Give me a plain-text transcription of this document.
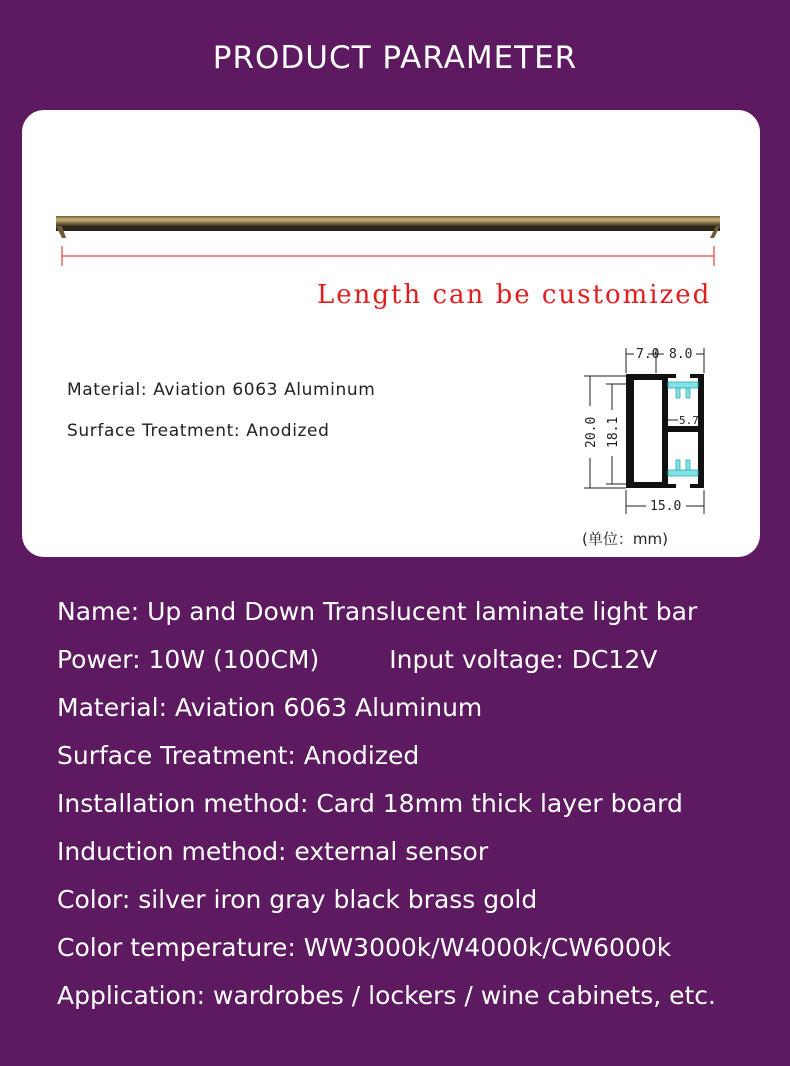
PRODUCT PARAMETER
Length can be customized
Material: Aviation 6063 Aluminum
Surface Treatment: Anodized
7.0 8.0
5.7
15.0
20.0 18.1
(单位：mm)
Name: Up and Down Translucent laminate light bar
Power: 10W (100CM)	Input voltage: DC12V
Material: Aviation 6063 Aluminum
Surface Treatment: Anodized
Installation method: Card 18mm thick layer board
Induction method: external sensor
Color: silver iron gray black brass gold
Color temperature: WW3000k/W4000k/CW6000k
Application: wardrobes / lockers / wine cabinets, etc.
